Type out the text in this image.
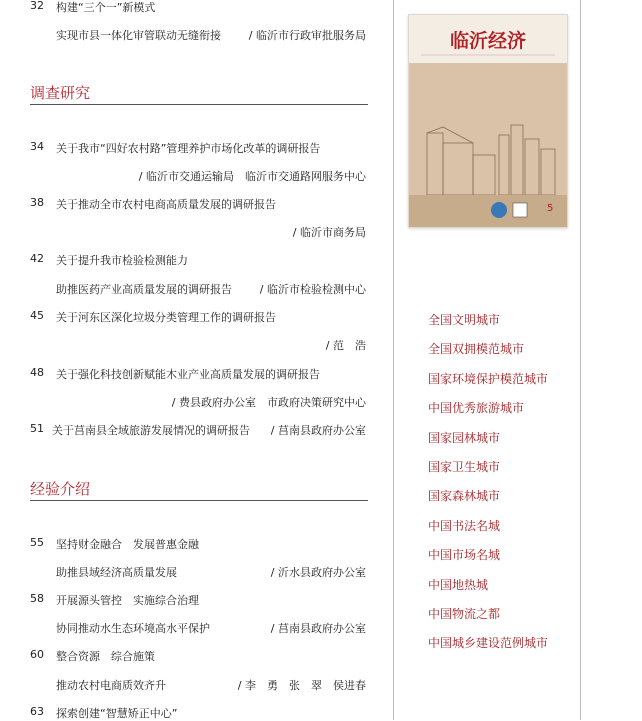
32 构建“三个一”新模式
实现市县一体化审管联动无缝衔接	/ 临沂市行政审批服务局
调查研究
34 关于我市“四好农村路”管理养护市场化改革的调研报告
/ 临沂市交通运输局　临沂市交通路网服务中心
38 关于推动全市农村电商高质量发展的调研报告
/ 临沂市商务局
42 关于提升我市检验检测能力
助推医药产业高质量发展的调研报告	/ 临沂市检验检测中心
45 关于河东区深化垃圾分类管理工作的调研报告
/ 范　浩
48 关于强化科技创新赋能木业产业高质量发展的调研报告
/ 费县政府办公室　市政府决策研究中心
51 关于莒南县全域旅游发展情况的调研报告 / 莒南县政府办公室
经验介绍
55 坚持财金融合　发展普惠金融
助推县域经济高质量发展	/ 沂水县政府办公室
58 开展源头管控　实施综合治理
协同推动水生态环境高水平保护	/ 莒南县政府办公室
60 整合资源　综合施策
推动农村电商质效齐升	/ 李　勇　张　翠　侯进春
63 探索创建“智慧矫正中心”
临沂经济
5
全国文明城市
全国双拥模范城市
国家环境保护模范城市
中国优秀旅游城市
国家园林城市
国家卫生城市
国家森林城市
中国书法名城
中国市场名城
中国地热城
中国物流之都
中国城乡建设范例城市
